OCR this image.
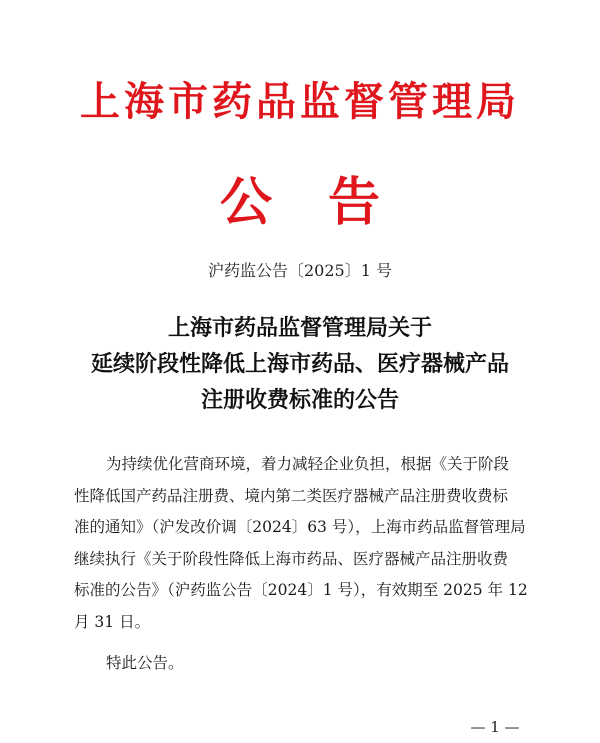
上海市药品监督管理局
公告
沪药监公告〔2025〕1 号
上海市药品监督管理局关于
延续阶段性降低上海市药品、医疗器械产品
注册收费标准的公告
为持续优化营商环境，着力减轻企业负担，根据《关于阶段
性降低国产药品注册费、境内第二类医疗器械产品注册费收费标
准的通知》（沪发改价调〔2024〕63 号），上海市药品监督管理局
继续执行《关于阶段性降低上海市药品、医疗器械产品注册收费
标准的公告》（沪药监公告〔2024〕1 号），有效期至 2025 年 12
月 31 日。
特此公告。
— 1 —
